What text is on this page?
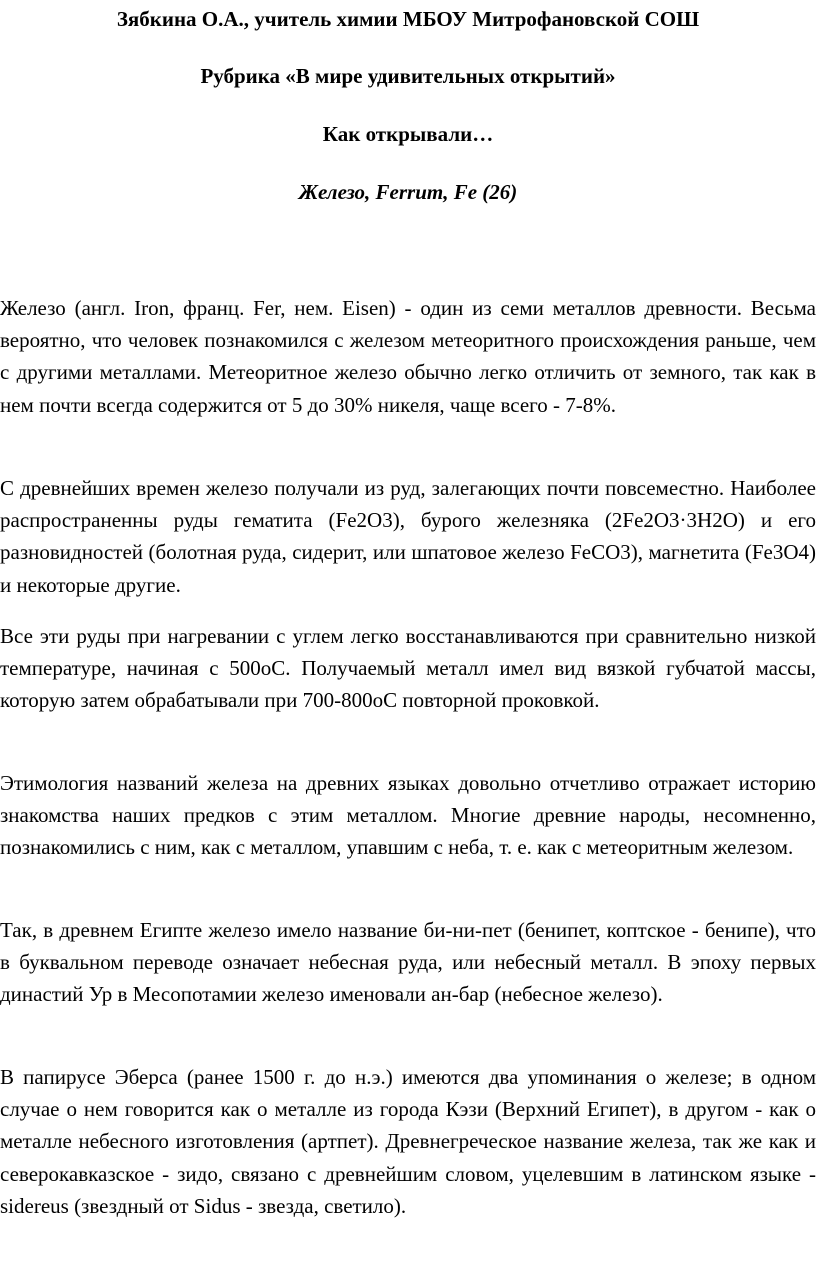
Зябкина О.А., учитель химии МБОУ Митрофановской СОШ
Рубрика «В мире удивительных открытий»
Как открывали…
Железо, Ferrum, Fe (26)

Железо (англ. Iron, франц. Fer, нем. Eisen) - один из семи металлов древности. Весьма вероятно, что человек познакомился с железом метеоритного происхождения раньше, чем с другими металлами. Метеоритное железо обычно легко отличить от земного, так как в нем почти всегда содержится от 5 до 30% никеля, чаще всего - 7-8%.

С древнейших времен железо получали из руд, залегающих почти повсеместно. Наиболее распространенны руды гематита (Fe2O3), бурого железняка (2Fe2O3·3H2O) и его разновидностей (болотная руда, сидерит, или шпатовое железо FeCO3), магнетита (Fe3O4) и некоторые другие.

Все эти руды при нагревании с углем легко восстанавливаются при сравнительно низкой температуре, начиная с 500оС. Получаемый металл имел вид вязкой губчатой массы, которую затем обрабатывали при 700-800оС повторной проковкой.

Этимология названий железа на древних языках довольно отчетливо отражает историю знакомства наших предков с этим металлом. Многие древние народы, несомненно, познакомились с ним, как с металлом, упавшим с неба, т. е. как с метеоритным железом.

Так, в древнем Египте железо имело название би-ни-пет (бенипет, коптское - бенипе), что в буквальном переводе означает небесная руда, или небесный металл. В эпоху первых династий Ур в Месопотамии железо именовали ан-бар (небесное железо).

В папирусе Эберса (ранее 1500 г. до н.э.) имеются два упоминания о железе; в одном случае о нем говорится как о металле из города Кэзи (Верхний Египет), в другом - как о металле небесного изготовления (артпет). Древнегреческое название железа, так же как и северокавказское - зидо, связано с древнейшим словом, уцелевшим в латинском языке - sidereus (звездный от Sidus - звезда, светило).
